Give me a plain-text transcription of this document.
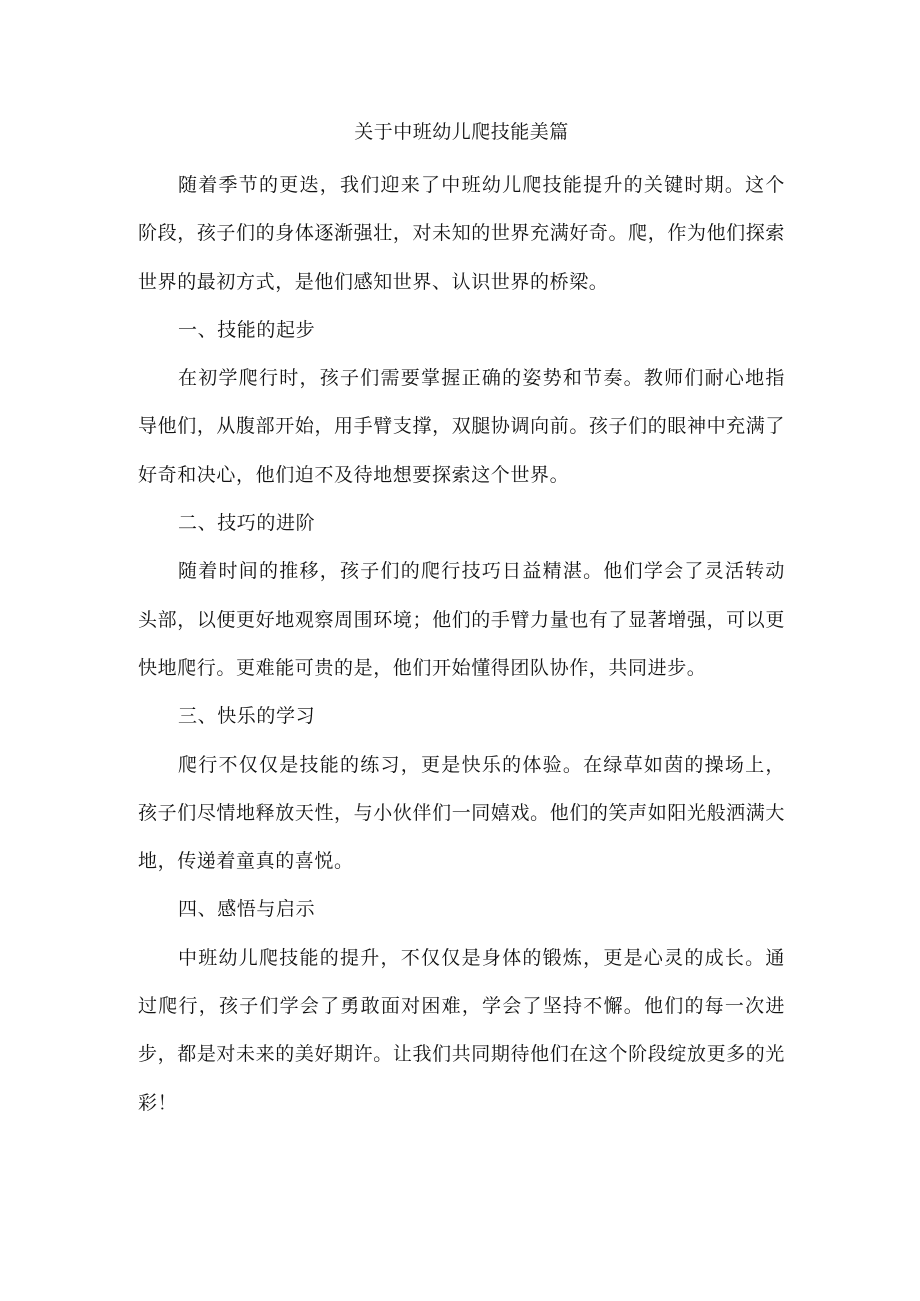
关于中班幼儿爬技能美篇

随着季节的更迭，我们迎来了中班幼儿爬技能提升的关键时期。这个阶段，孩子们的身体逐渐强壮，对未知的世界充满好奇。爬，作为他们探索世界的最初方式，是他们感知世界、认识世界的桥梁。

一、技能的起步

在初学爬行时，孩子们需要掌握正确的姿势和节奏。教师们耐心地指导他们，从腹部开始，用手臂支撑，双腿协调向前。孩子们的眼神中充满了好奇和决心，他们迫不及待地想要探索这个世界。

二、技巧的进阶

随着时间的推移，孩子们的爬行技巧日益精湛。他们学会了灵活转动头部，以便更好地观察周围环境；他们的手臂力量也有了显著增强，可以更快地爬行。更难能可贵的是，他们开始懂得团队协作，共同进步。

三、快乐的学习

爬行不仅仅是技能的练习，更是快乐的体验。在绿草如茵的操场上，孩子们尽情地释放天性，与小伙伴们一同嬉戏。他们的笑声如阳光般洒满大地，传递着童真的喜悦。

四、感悟与启示

中班幼儿爬技能的提升，不仅仅是身体的锻炼，更是心灵的成长。通过爬行，孩子们学会了勇敢面对困难，学会了坚持不懈。他们的每一次进步，都是对未来的美好期许。让我们共同期待他们在这个阶段绽放更多的光彩！
